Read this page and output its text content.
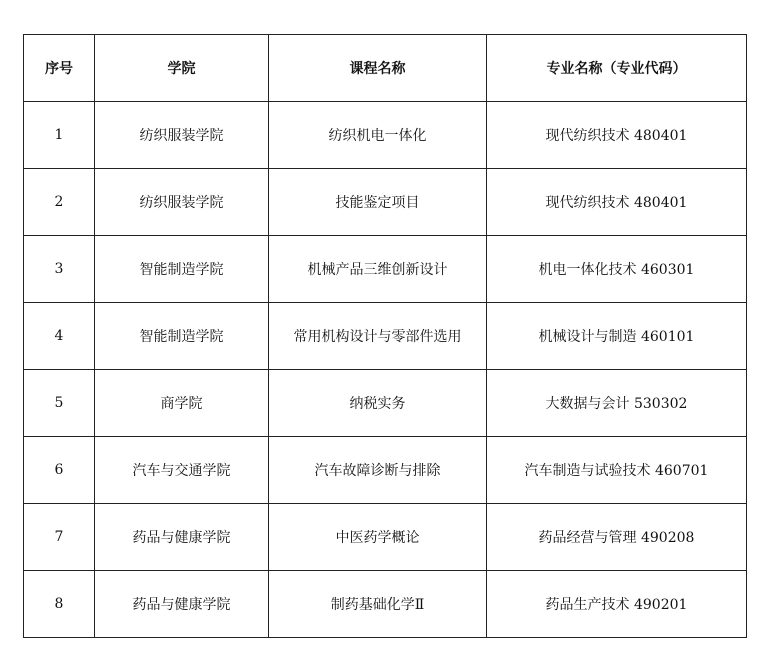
序号	学院	课程名称	专业名称（专业代码）
1	纺织服装学院	纺织机电一体化	现代纺织技术 480401
2	纺织服装学院	技能鉴定项目	现代纺织技术 480401
3	智能制造学院	机械产品三维创新设计	机电一体化技术 460301
4	智能制造学院	常用机构设计与零部件选用	机械设计与制造 460101
5	商学院	纳税实务	大数据与会计 530302
6	汽车与交通学院	汽车故障诊断与排除	汽车制造与试验技术 460701
7	药品与健康学院	中医药学概论	药品经营与管理 490208
8	药品与健康学院	制药基础化学Ⅱ	药品生产技术 490201
